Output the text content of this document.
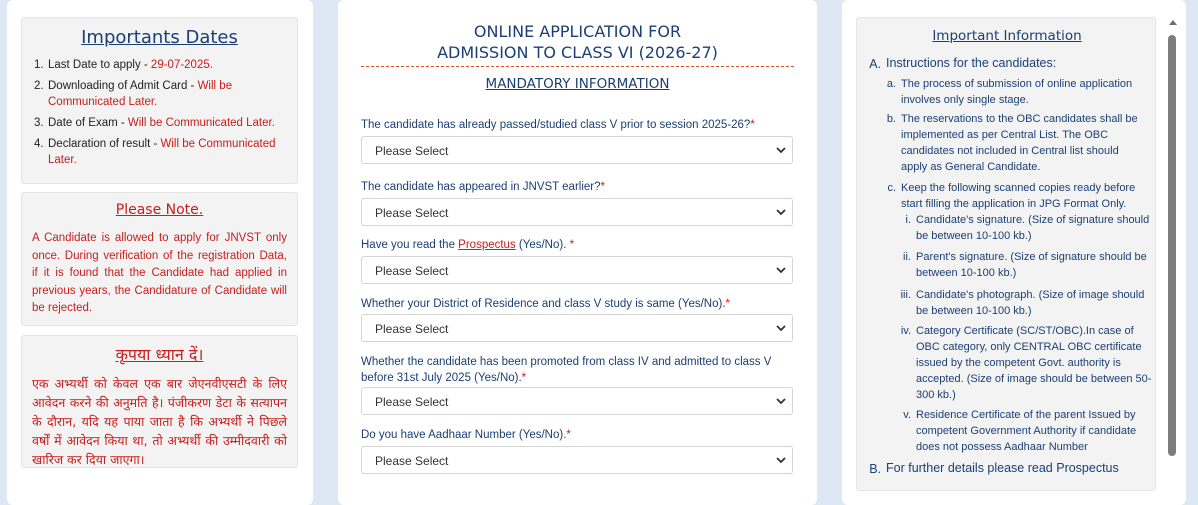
Importants Dates
1. Last Date to apply - 29-07-2025.
2. Downloading of Admit Card - Will be Communicated Later.
3. Date of Exam - Will be Communicated Later.
4. Declaration of result - Will be Communicated Later.
Please Note.
A Candidate is allowed to apply for JNVST only once. During verification of the registration Data, if it is found that the Candidate had applied in previous years, the Candidature of Candidate will be rejected.
कृपया ध्यान दें।
एक अभ्यर्थी को केवल एक बार जेएनवीएसटी के लिए आवेदन करने की अनुमति है। पंजीकरण डेटा के सत्यापन के दौरान, यदि यह पाया जाता है कि अभ्यर्थी ने पिछले वर्षों में आवेदन किया था, तो अभ्यर्थी की उम्मीदवारी को खारिज कर दिया जाएगा।
ONLINE APPLICATION FOR
ADMISSION TO CLASS VI (2026-27)
MANDATORY INFORMATION
The candidate has already passed/studied class V prior to session 2025-26?*
Please Select
The candidate has appeared in JNVST earlier?*
Please Select
Have you read the Prospectus (Yes/No). *
Please Select
Whether your District of Residence and class V study is same (Yes/No).*
Please Select
Whether the candidate has been promoted from class IV and admitted to class V before 31st July 2025 (Yes/No).*
Please Select
Do you have Aadhaar Number (Yes/No).*
Please Select
Important Information
A. Instructions for the candidates:
a. The process of submission of online application
involves only single stage.
b. The reservations to the OBC candidates shall be
implemented as per Central List. The OBC
candidates not included in Central list should
apply as General Candidate.
c. Keep the following scanned copies ready before
start filling the application in JPG Format Only.
i. Candidate's signature. (Size of signature should
be between 10-100 kb.)
ii. Parent's signature. (Size of signature should be
between 10-100 kb.)
iii. Candidate's photograph. (Size of image should
be between 10-100 kb.)
iv. Category Certificate (SC/ST/OBC).In case of
OBC category, only CENTRAL OBC certificate
issued by the competent Govt. authority is
accepted. (Size of image should be between 50-
300 kb.)
v. Residence Certificate of the parent Issued by
competent Government Authority if candidate
does not possess Aadhaar Number
B. For further details please read Prospectus
